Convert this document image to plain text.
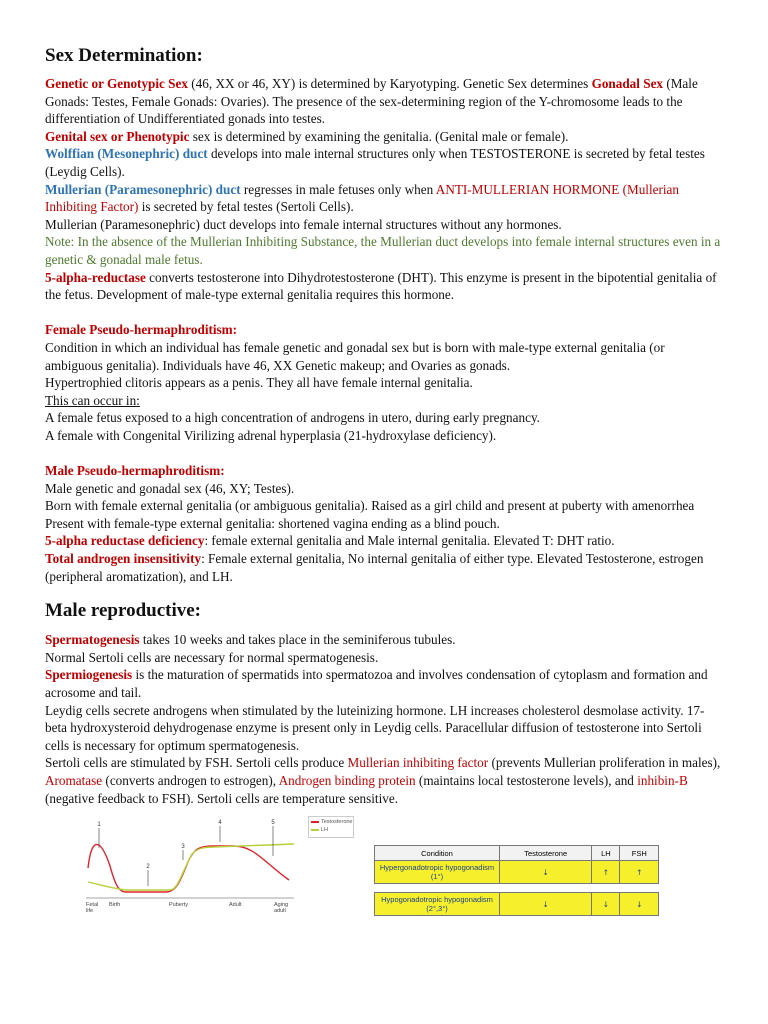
Sex Determination:

Genetic or Genotypic Sex (46, XX or 46, XY) is determined by Karyotyping. Genetic Sex determines Gonadal Sex (Male Gonads: Testes, Female Gonads: Ovaries). The presence of the sex-determining region of the Y-chromosome leads to the differentiation of Undifferentiated gonads into testes.

Genital sex or Phenotypic sex is determined by examining the genitalia. (Genital male or female).

Wolffian (Mesonephric) duct develops into male internal structures only when TESTOSTERONE is secreted by fetal testes (Leydig Cells).

Mullerian (Paramesonephric) duct regresses in male fetuses only when ANTI-MULLERIAN HORMONE (Mullerian Inhibiting Factor) is secreted by fetal testes (Sertoli Cells).

Mullerian (Paramesonephric) duct develops into female internal structures without any hormones.

Note: In the absence of the Mullerian Inhibiting Substance, the Mullerian duct develops into female internal structures even in a genetic & gonadal male fetus.

5-alpha-reductase converts testosterone into Dihydrotestosterone (DHT). This enzyme is present in the bipotential genitalia of the fetus. Development of male-type external genitalia requires this hormone.

Female Pseudo-hermaphroditism:

Condition in which an individual has female genetic and gonadal sex but is born with male-type external genitalia (or ambiguous genitalia). Individuals have 46, XX Genetic makeup; and Ovaries as gonads.

Hypertrophied clitoris appears as a penis. They all have female internal genitalia.

This can occur in:

A female fetus exposed to a high concentration of androgens in utero, during early pregnancy.

A female with Congenital Virilizing adrenal hyperplasia (21-hydroxylase deficiency).

Male Pseudo-hermaphroditism:

Male genetic and gonadal sex (46, XY; Testes).

Born with female external genitalia (or ambiguous genitalia). Raised as a girl child and present at puberty with amenorrhea Present with female-type external genitalia: shortened vagina ending as a blind pouch.

5-alpha reductase deficiency: female external genitalia and Male internal genitalia. Elevated T: DHT ratio.

Total androgen insensitivity: Female external genitalia, No internal genitalia of either type. Elevated Testosterone, estrogen (peripheral aromatization), and LH.

Male reproductive:

Spermatogenesis takes 10 weeks and takes place in the seminiferous tubules.

Normal Sertoli cells are necessary for normal spermatogenesis.

Spermiogenesis is the maturation of spermatids into spermatozoa and involves condensation of cytoplasm and formation and acrosome and tail.

Leydig cells secrete androgens when stimulated by the luteinizing hormone. LH increases cholesterol desmolase activity. 17-beta hydroxysteroid dehydrogenase enzyme is present only in Leydig cells. Paracellular diffusion of testosterone into Sertoli cells is necessary for optimum spermatogenesis.

Sertoli cells are stimulated by FSH. Sertoli cells produce Mullerian inhibiting factor (prevents Mullerian proliferation in males), Aromatase (converts androgen to estrogen), Androgen binding protein (maintains local testosterone levels), and inhibin-B (negative feedback to FSH). Sertoli cells are temperature sensitive.

1
2
3
4	5
Fetal life
Birth	Puberty	Adult	Aging adult
Testosterone
LH
Condition	Testosterone	LH	FSH
Hypergonadotropic hypogonadism (1°)	↓	↑	↑

Hypogonadotropic hypogonadism (2°,3°)	↓	↓	↓
